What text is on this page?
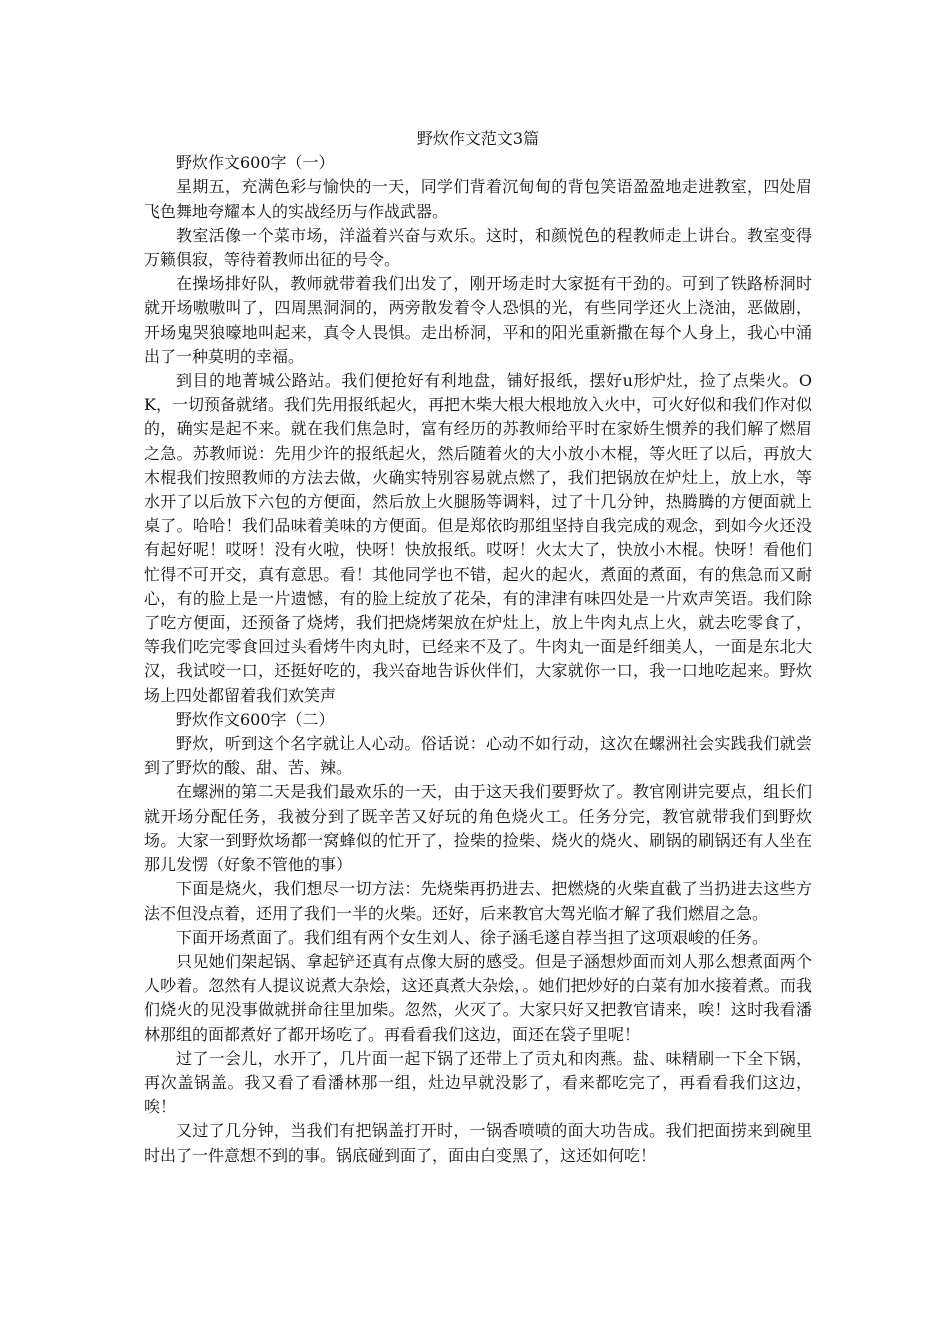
野炊作文范文3篇

野炊作文600字（一）

星期五，充满色彩与愉快的一天，同学们背着沉甸甸的背包笑语盈盈地走进教室，四处眉飞色舞地夸耀本人的实战经历与作战武器。

教室活像一个菜市场，洋溢着兴奋与欢乐。这时，和颜悦色的程教师走上讲台。教室变得万籁俱寂，等待着教师出征的号令。

在操场排好队，教师就带着我们出发了，刚开场走时大家挺有干劲的。可到了铁路桥洞时就开场嗷嗷叫了，四周黑洞洞的，两旁散发着令人恐惧的光，有些同学还火上浇油，恶做剧，开场鬼哭狼嚎地叫起来，真令人畏惧。走出桥洞，平和的阳光重新撒在每个人身上，我心中涌出了一种莫明的幸福。

到目的地菁城公路站。我们便抢好有利地盘，铺好报纸，摆好u形炉灶，捡了点柴火。OK，一切预备就绪。我们先用报纸起火，再把木柴大根大根地放入火中，可火好似和我们作对似的，确实是起不来。就在我们焦急时，富有经历的苏教师给平时在家娇生惯养的我们解了燃眉之急。苏教师说：先用少许的报纸起火，然后随着火的大小放小木棍，等火旺了以后，再放大木棍我们按照教师的方法去做，火确实特别容易就点燃了，我们把锅放在炉灶上，放上水，等水开了以后放下六包的方便面，然后放上火腿肠等调料，过了十几分钟，热腾腾的方便面就上桌了。哈哈！我们品味着美味的方便面。但是郑依昀那组坚持自我完成的观念，到如今火还没有起好呢！哎呀！没有火啦，快呀！快放报纸。哎呀！火太大了，快放小木棍。快呀！看他们忙得不可开交，真有意思。看！其他同学也不错，起火的起火，煮面的煮面，有的焦急而又耐心，有的脸上是一片遗憾，有的脸上绽放了花朵，有的津津有味四处是一片欢声笑语。我们除了吃方便面，还预备了烧烤，我们把烧烤架放在炉灶上，放上牛肉丸点上火，就去吃零食了，等我们吃完零食回过头看烤牛肉丸时，已经来不及了。牛肉丸一面是纤细美人，一面是东北大汉，我试咬一口，还挺好吃的，我兴奋地告诉伙伴们，大家就你一口，我一口地吃起来。野炊场上四处都留着我们欢笑声

野炊作文600字（二）

野炊，听到这个名字就让人心动。俗话说：心动不如行动，这次在螺洲社会实践我们就尝到了野炊的酸、甜、苦、辣。

在螺洲的第二天是我们最欢乐的一天，由于这天我们要野炊了。教官刚讲完要点，组长们就开场分配任务，我被分到了既辛苦又好玩的角色烧火工。任务分完，教官就带我们到野炊场。大家一到野炊场都一窝蜂似的忙开了，捡柴的捡柴、烧火的烧火、刷锅的刷锅还有人坐在那儿发愣（好象不管他的事）

下面是烧火，我们想尽一切方法：先烧柴再扔进去、把燃烧的火柴直截了当扔进去这些方法不但没点着，还用了我们一半的火柴。还好，后来教官大驾光临才解了我们燃眉之急。

下面开场煮面了。我们组有两个女生刘人、徐子涵毛遂自荐当担了这项艰峻的任务。

只见她们架起锅、拿起铲还真有点像大厨的感受。但是子涵想炒面而刘人那么想煮面两个人吵着。忽然有人提议说煮大杂烩，这还真煮大杂烩，。她们把炒好的白菜有加水接着煮。而我们烧火的见没事做就拼命往里加柴。忽然，火灭了。大家只好又把教官请来，唉！这时我看潘林那组的面都煮好了都开场吃了。再看看我们这边，面还在袋子里呢！

过了一会儿，水开了，几片面一起下锅了还带上了贡丸和肉燕。盐、味精刷一下全下锅，再次盖锅盖。我又看了看潘林那一组，灶边早就没影了，看来都吃完了，再看看我们这边，唉！

又过了几分钟，当我们有把锅盖打开时，一锅香喷喷的面大功告成。我们把面捞来到碗里时出了一件意想不到的事。锅底碰到面了，面由白变黑了，这还如何吃！
